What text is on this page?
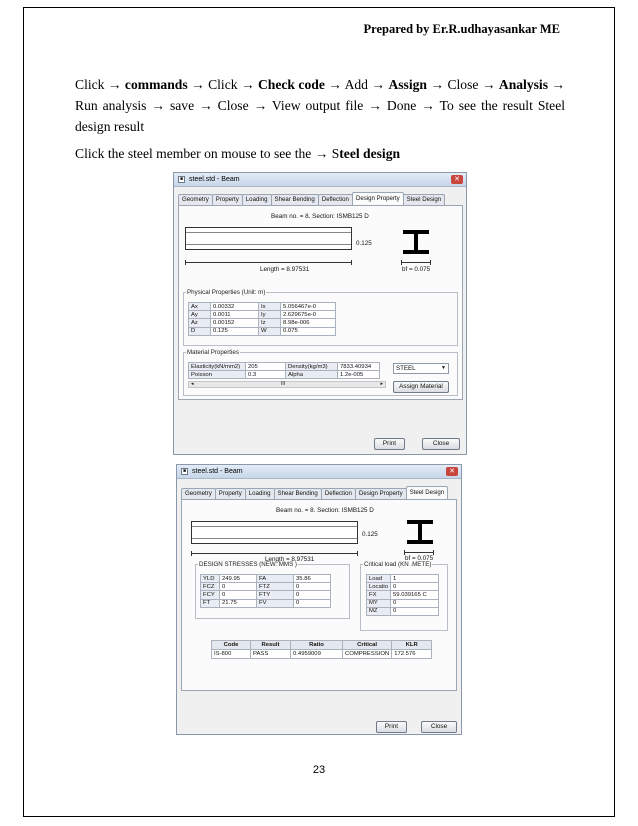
Prepared by Er.R.udhayasankar ME
Click → commands → Click → Check code → Add → Assign → Close → Analysis → Run analysis → save → Close → View output file → Done → To see the result Steel design result
Click the steel member on mouse to see the → Steel design
■ steel.std - Beam	✕
Geometry	Property	Loading	Shear Bending	Deflection	Design Property	Steel Design
Beam no. = 8. Section: ISMB125 D
0.125
Length = 8.97531	bf = 0.075
Physical Properties (Unit: m)
Ax	0.00332	Ix	5.056467e-0
Ay	0.0011	Iy	2.629675e-0
Az	0.00152	Iz	8.98e-006
D	0.125	W	0.075
Material Properties
Elasticity(kN/mm2)	205	Density(kg/m3)	7833.40934
Poisson	0.3	Alpha	1.2e-005
◂	III	▸
STEEL	▼
Assign Material
Print	Close
■ steel.std - Beam	✕
Geometry	Property	Loading	Shear Bending	Deflection	Design Property	Steel Design
Beam no. = 8. Section: ISMB125 D
0.125
Length = 8.97531	bf = 0.075
DESIGN STRESSES (NEW. MMS )
YLD	249.95	FA	35.86
FCZ	0	FTZ	0
FCY	0	FTY	0
FT	21.75	FV	0
Critical load (KN .METE)
Load	1
Locatio	0
FX	59.039165 C
MY	0
MZ	0
Code	Result	Ratio	Critical	KLR
IS-800	PASS	0.4959009	COMPRESSION	172.576
Print	Close
23
